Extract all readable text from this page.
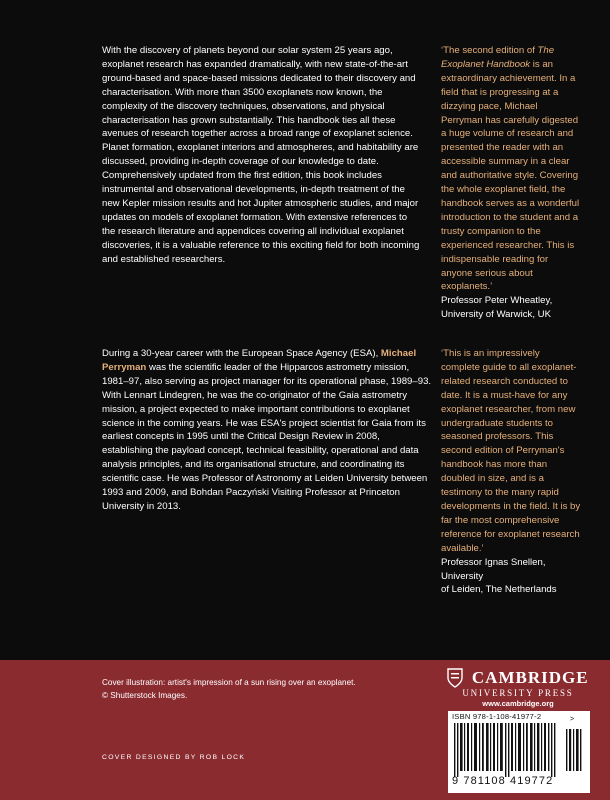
With the discovery of planets beyond our solar system 25 years ago, exoplanet research has expanded dramatically, with new state-of-the-art ground-based and space-based missions dedicated to their discovery and characterisation. With more than 3500 exoplanets now known, the complexity of the discovery techniques, observations, and physical characterisation has grown substantially. This handbook ties all these avenues of research together across a broad range of exoplanet science. Planet formation, exoplanet interiors and atmospheres, and habitability are discussed, providing in-depth coverage of our knowledge to date. Comprehensively updated from the first edition, this book includes instrumental and observational developments, in-depth treatment of the new Kepler mission results and hot Jupiter atmospheric studies, and major updates on models of exoplanet formation. With extensive references to the research literature and appendices covering all individual exoplanet discoveries, it is a valuable reference to this exciting field for both incoming and established researchers.
During a 30-year career with the European Space Agency (ESA), Michael Perryman was the scientific leader of the Hipparcos astrometry mission, 1981–97, also serving as project manager for its operational phase, 1989–93. With Lennart Lindegren, he was the co-originator of the Gaia astrometry mission, a project expected to make important contributions to exoplanet science in the coming years. He was ESA's project scientist for Gaia from its earliest concepts in 1995 until the Critical Design Review in 2008, establishing the payload concept, technical feasibility, operational and data analysis principles, and its organisational structure, and coordinating its scientific case. He was Professor of Astronomy at Leiden University between 1993 and 2009, and Bohdan Paczyński Visiting Professor at Princeton University in 2013.
‘The second edition of The Exoplanet Handbook is an extraordinary achievement. In a field that is progressing at a dizzying pace, Michael Perryman has carefully digested a huge volume of research and presented the reader with an accessible summary in a clear and authoritative style. Covering the whole exoplanet field, the handbook serves as a wonderful introduction to the student and a trusty companion to the experienced researcher. This is indispensable reading for anyone serious about exoplanets.’
Professor Peter Wheatley,
University of Warwick, UK
‘This is an impressively complete guide to all exoplanet-related research conducted to date. It is a must-have for any exoplanet researcher, from new undergraduate students to seasoned professors. This second edition of Perryman's handbook has more than doubled in size, and is a testimony to the many rapid developments in the field. It is by far the most comprehensive reference for exoplanet research available.’
Professor Ignas Snellen, University
of Leiden, The Netherlands
Cover illustration: artist's impression of a sun rising over an exoplanet.
© Shutterstock Images.
COVER DESIGNED BY ROB LOCK
CAMBRIDGE
UNIVERSITY PRESS
www.cambridge.org
ISBN 978-1-108-41977-2
9 781108 419772
>
